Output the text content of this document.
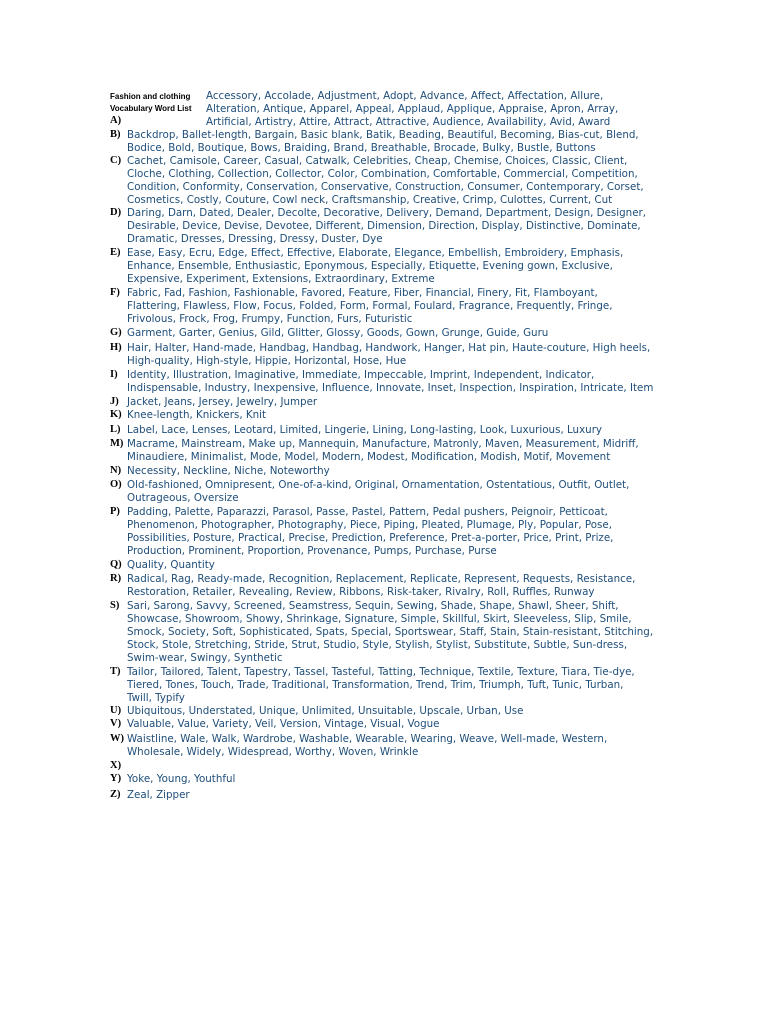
Fashion and clothing
Vocabulary Word List
A)
Accessory, Accolade, Adjustment, Adopt, Advance, Affect, Affectation, Allure,
Alteration, Antique, Apparel, Appeal, Applaud, Applique, Appraise, Apron, Array,
Artificial, Artistry, Attire, Attract, Attractive, Audience, Availability, Avid, Award
B) Backdrop, Ballet-length, Bargain, Basic blank, Batik, Beading, Beautiful, Becoming, Bias-cut, Blend,
Bodice, Bold, Boutique, Bows, Braiding, Brand, Breathable, Brocade, Bulky, Bustle, Buttons
C) Cachet, Camisole, Career, Casual, Catwalk, Celebrities, Cheap, Chemise, Choices, Classic, Client,
Cloche, Clothing, Collection, Collector, Color, Combination, Comfortable, Commercial, Competition,
Condition, Conformity, Conservation, Conservative, Construction, Consumer, Contemporary, Corset,
Cosmetics, Costly, Couture, Cowl neck, Craftsmanship, Creative, Crimp, Culottes, Current, Cut
D) Daring, Darn, Dated, Dealer, Decolte, Decorative, Delivery, Demand, Department, Design, Designer,
Desirable, Device, Devise, Devotee, Different, Dimension, Direction, Display, Distinctive, Dominate,
Dramatic, Dresses, Dressing, Dressy, Duster, Dye
E) Ease, Easy, Ecru, Edge, Effect, Effective, Elaborate, Elegance, Embellish, Embroidery, Emphasis,
Enhance, Ensemble, Enthusiastic, Eponymous, Especially, Etiquette, Evening gown, Exclusive,
Expensive, Experiment, Extensions, Extraordinary, Extreme
F) Fabric, Fad, Fashion, Fashionable, Favored, Feature, Fiber, Financial, Finery, Fit, Flamboyant,
Flattering, Flawless, Flow, Focus, Folded, Form, Formal, Foulard, Fragrance, Frequently, Fringe,
Frivolous, Frock, Frog, Frumpy, Function, Furs, Futuristic
G) Garment, Garter, Genius, Gild, Glitter, Glossy, Goods, Gown, Grunge, Guide, Guru
H) Hair, Halter, Hand-made, Handbag, Handbag, Handwork, Hanger, Hat pin, Haute-couture, High heels,
High-quality, High-style, Hippie, Horizontal, Hose, Hue
I) Identity, Illustration, Imaginative, Immediate, Impeccable, Imprint, Independent, Indicator,
Indispensable, Industry, Inexpensive, Influence, Innovate, Inset, Inspection, Inspiration, Intricate, Item
J) Jacket, Jeans, Jersey, Jewelry, Jumper
K) Knee-length, Knickers, Knit
L) Label, Lace, Lenses, Leotard, Limited, Lingerie, Lining, Long-lasting, Look, Luxurious, Luxury
M) Macrame, Mainstream, Make up, Mannequin, Manufacture, Matronly, Maven, Measurement, Midriff,
Minaudiere, Minimalist, Mode, Model, Modern, Modest, Modification, Modish, Motif, Movement
N) Necessity, Neckline, Niche, Noteworthy
O) Old-fashioned, Omnipresent, One-of-a-kind, Original, Ornamentation, Ostentatious, Outfit, Outlet,
Outrageous, Oversize
P) Padding, Palette, Paparazzi, Parasol, Passe, Pastel, Pattern, Pedal pushers, Peignoir, Petticoat,
Phenomenon, Photographer, Photography, Piece, Piping, Pleated, Plumage, Ply, Popular, Pose,
Possibilities, Posture, Practical, Precise, Prediction, Preference, Pret-a-porter, Price, Print, Prize,
Production, Prominent, Proportion, Provenance, Pumps, Purchase, Purse
Q) Quality, Quantity
R) Radical, Rag, Ready-made, Recognition, Replacement, Replicate, Represent, Requests, Resistance,
Restoration, Retailer, Revealing, Review, Ribbons, Risk-taker, Rivalry, Roll, Ruffles, Runway
S) Sari, Sarong, Savvy, Screened, Seamstress, Sequin, Sewing, Shade, Shape, Shawl, Sheer, Shift,
Showcase, Showroom, Showy, Shrinkage, Signature, Simple, Skillful, Skirt, Sleeveless, Slip, Smile,
Smock, Society, Soft, Sophisticated, Spats, Special, Sportswear, Staff, Stain, Stain-resistant, Stitching,
Stock, Stole, Stretching, Stride, Strut, Studio, Style, Stylish, Stylist, Substitute, Subtle, Sun-dress,
Swim-wear, Swingy, Synthetic
T) Tailor, Tailored, Talent, Tapestry, Tassel, Tasteful, Tatting, Technique, Textile, Texture, Tiara, Tie-dye,
Tiered, Tones, Touch, Trade, Traditional, Transformation, Trend, Trim, Triumph, Tuft, Tunic, Turban,
Twill, Typify
U) Ubiquitous, Understated, Unique, Unlimited, Unsuitable, Upscale, Urban, Use
V) Valuable, Value, Variety, Veil, Version, Vintage, Visual, Vogue
W) Waistline, Wale, Walk, Wardrobe, Washable, Wearable, Wearing, Weave, Well-made, Western,
Wholesale, Widely, Widespread, Worthy, Woven, Wrinkle
X)
Y) Yoke, Young, Youthful
Z) Zeal, Zipper
